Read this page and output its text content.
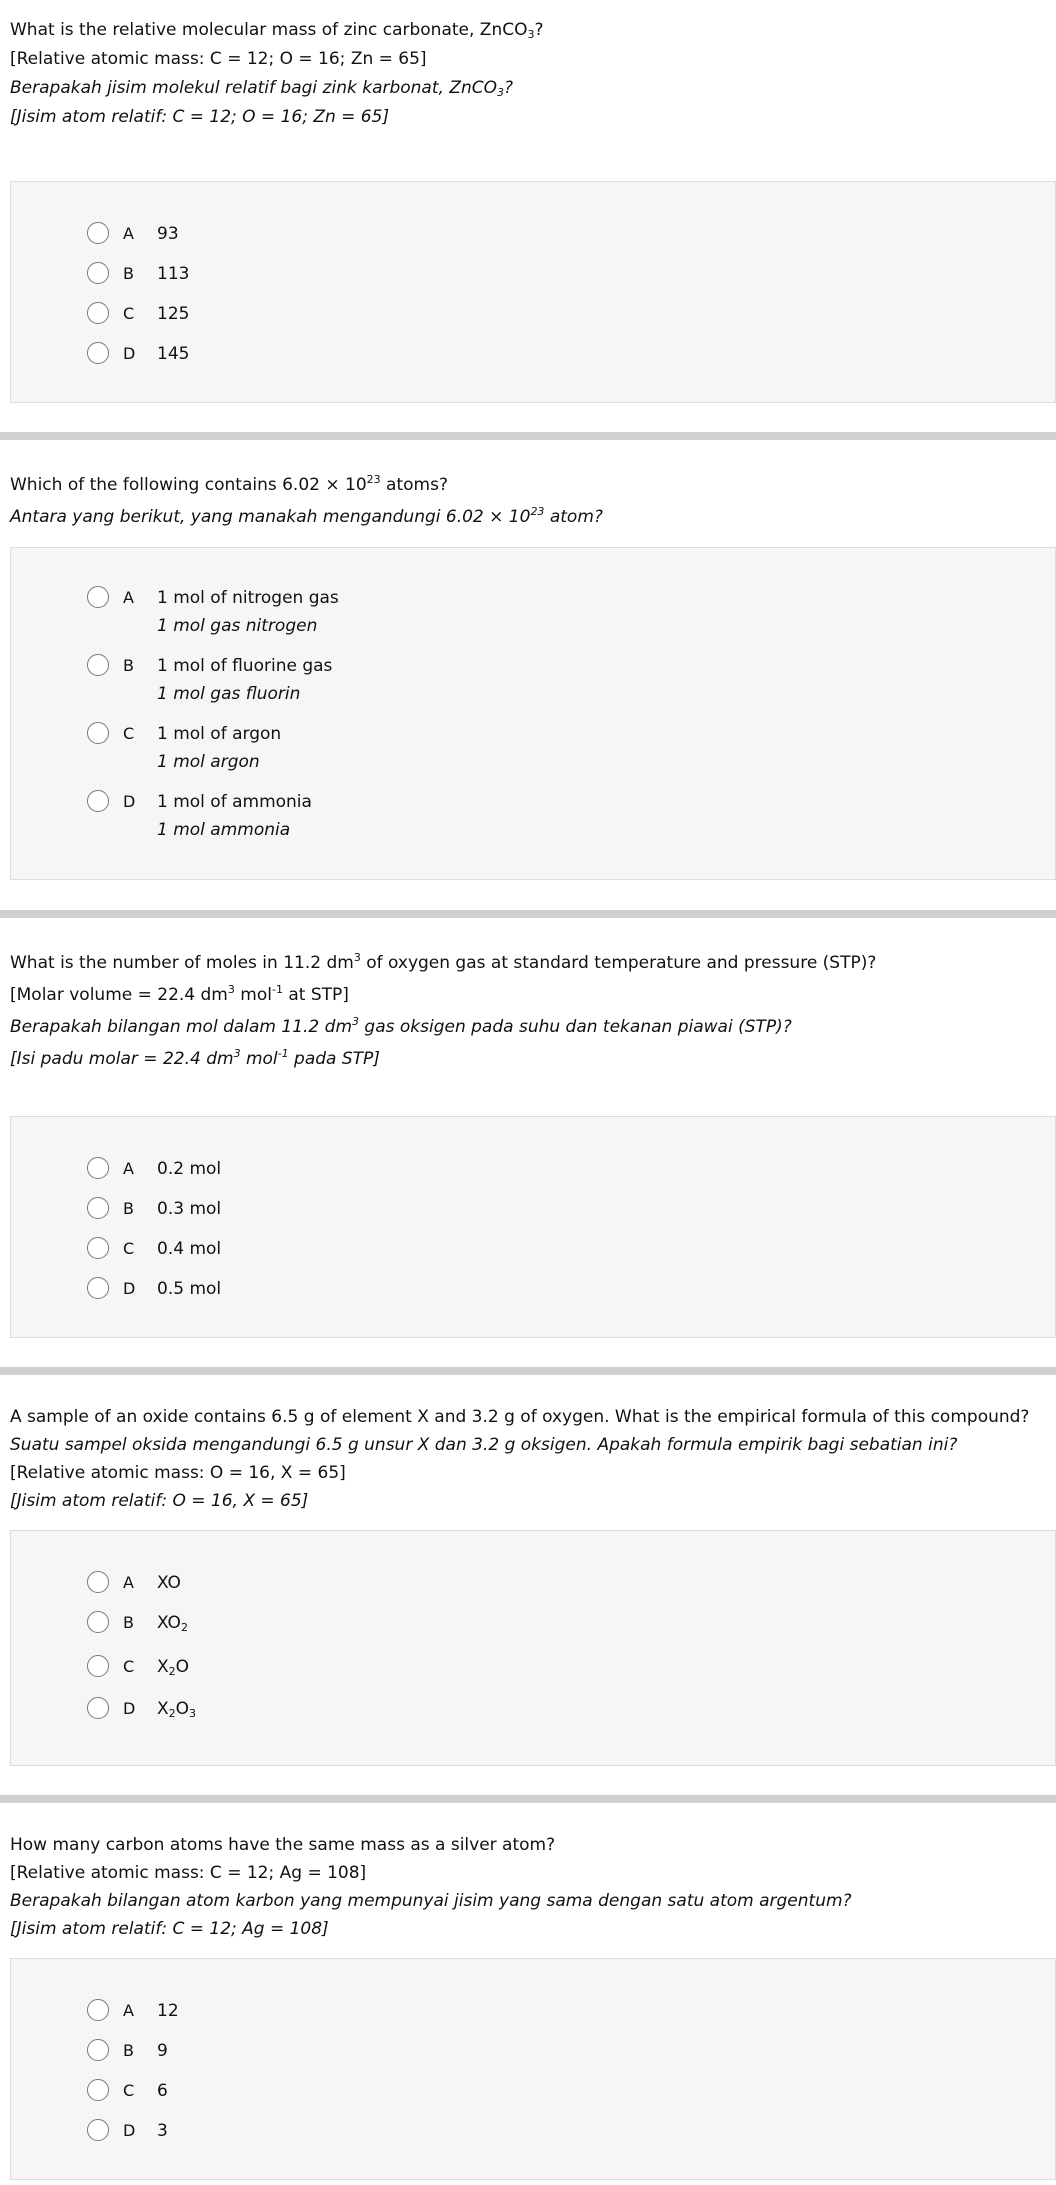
What is the relative molecular mass of zinc carbonate, ZnCO$_3$?
[Relative atomic mass: C = 12; O = 16; Zn = 65]
Berapakah jisim molekul relatif bagi zink karbonat, ZnCO$_3$?
[Jisim atom relatif: C = 12; O = 16; Zn = 65]
A 93
B 113
C 125
D 145
Which of the following contains $6.02 \times 10^{23}$ atoms?
Antara yang berikut, yang manakah mengandungi $6.02 \times 10^{23}$ atom?
A 1 mol of nitrogen gas
1 mol gas nitrogen
B 1 mol of fluorine gas
1 mol gas fluorin
C 1 mol of argon
1 mol argon
D 1 mol of ammonia
1 mol ammonia
What is the number of moles in 11.2 $dm^3$ of oxygen gas at standard temperature and pressure (STP)?
[Molar volume = 22.4 $dm^3$ mol$^{-1}$ at STP]
Berapakah bilangan mol dalam 11.2 $dm^3$ gas oksigen pada suhu dan tekanan piawai (STP)?
[Isi padu molar = 22.4 $dm^3$ mol$^{-1}$ pada STP]
A 0.2 mol
B 0.3 mol
C 0.4 mol
D 0.5 mol
A sample of an oxide contains 6.5 g of element X and 3.2 g of oxygen. What is the empirical formula of this compound?
Suatu sampel oksida mengandungi 6.5 g unsur X dan 3.2 g oksigen. Apakah formula empirik bagi sebatian ini?
[Relative atomic mass: O = 16, X = 65]
[Jisim atom relatif: O = 16, X = 65]
A XO
B $XO_2$
C $X_2O$
D $X_2O_3$
How many carbon atoms have the same mass as a silver atom?
[Relative atomic mass: C = 12; Ag = 108]
Berapakah bilangan atom karbon yang mempunyai jisim yang sama dengan satu atom argentum?
[Jisim atom relatif: C = 12; Ag = 108]
A 12
B 9
C 6
D 3
